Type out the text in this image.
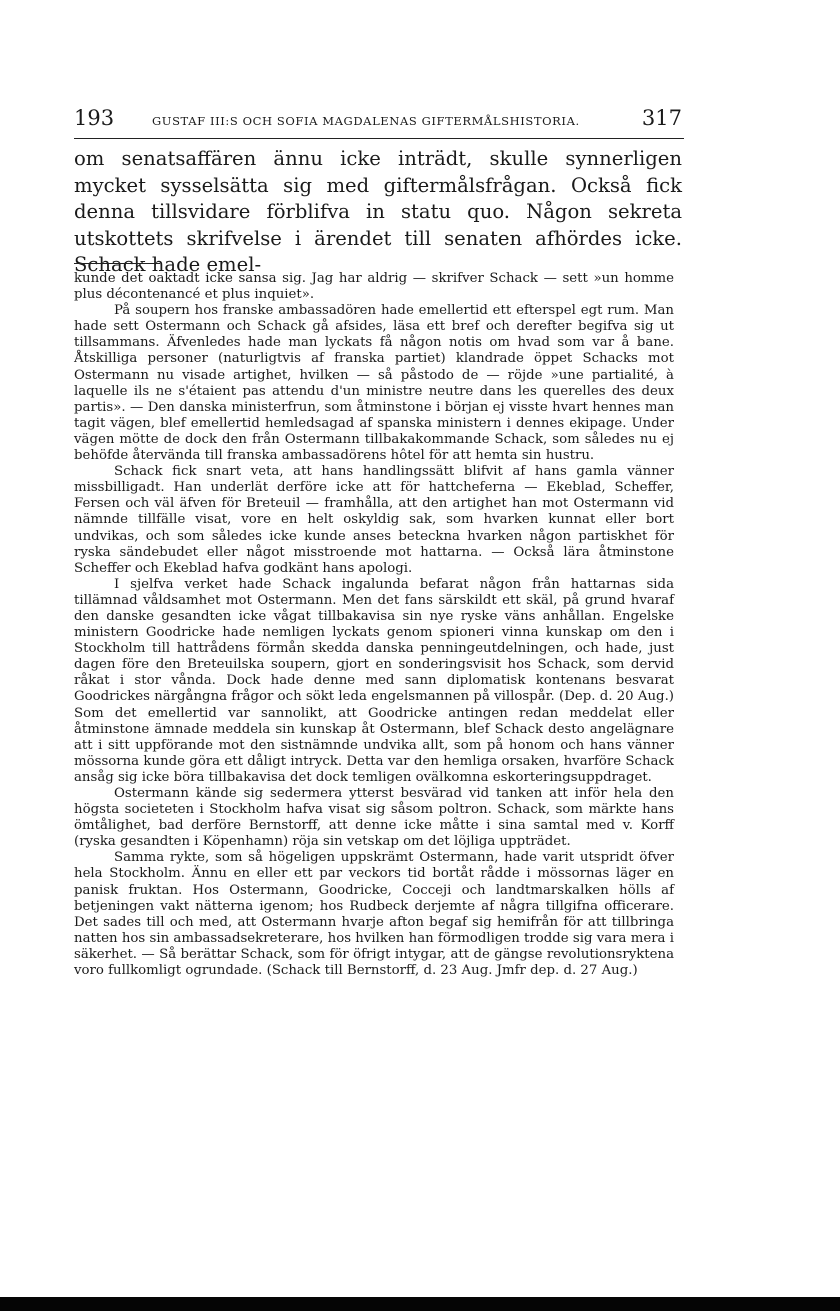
193	GUSTAF III:S OCH SOFIA MAGDALENAS GIFTERMÅLSHISTORIA.	317
om senatsaffären ännu icke inträdt, skulle synnerligen mycket sysselsätta sig med giftermålsfrågan. Också fick denna tillsvidare förblifva in statu quo. Någon sekreta utskottets skrifvelse i ärendet till senaten afhördes icke. Schack hade emel-

kunde det oaktadt icke sansa sig. Jag har aldrig — skrifver Schack — sett »un homme plus décontenancé et plus inquiet».

På soupern hos franske ambassadören hade emellertid ett efterspel egt rum. Man hade sett Ostermann och Schack gå afsides, läsa ett bref och derefter begifva sig ut tillsammans. Äfvenledes hade man lyckats få någon notis om hvad som var å bane. Åtskilliga personer (naturligtvis af franska partiet) klandrade öppet Schacks mot Ostermann nu visade artighet, hvilken — så påstodo de — röjde »une partialité, à laquelle ils ne s'étaient pas attendu d'un ministre neutre dans les querelles des deux partis». — Den danska ministerfrun, som åtminstone i början ej visste hvart hennes man tagit vägen, blef emellertid hemledsagad af spanska ministern i dennes ekipage. Under vägen mötte de dock den från Ostermann tillbakakommande Schack, som således nu ej behöfde återvända till franska ambassadörens hôtel för att hemta sin hustru.

Schack fick snart veta, att hans handlingssätt blifvit af hans gamla vänner missbilligadt. Han underlät derföre icke att för hattcheferna — Ekeblad, Scheffer, Fersen och väl äfven för Breteuil — framhålla, att den artighet han mot Ostermann vid nämnde tillfälle visat, vore en helt oskyldig sak, som hvarken kunnat eller bort undvikas, och som således icke kunde anses beteckna hvarken någon partiskhet för ryska sändebudet eller något misstroende mot hattarna. — Också lära åtminstone Scheffer och Ekeblad hafva godkänt hans apologi.

I sjelfva verket hade Schack ingalunda befarat någon från hattarnas sida tillämnad våldsamhet mot Ostermann. Men det fans särskildt ett skäl, på grund hvaraf den danske gesandten icke vågat tillbakavisa sin nye ryske väns anhållan. Engelske ministern Goodricke hade nemligen lyckats genom spioneri vinna kunskap om den i Stockholm till hattrådens förmån skedda danska penningeutdelningen, och hade, just dagen före den Breteuilska soupern, gjort en sonderingsvisit hos Schack, som dervid råkat i stor vånda. Dock hade denne med sann diplomatisk kontenans besvarat Goodrickes närgångna frågor och sökt leda engelsmannen på villospår. (Dep. d. 20 Aug.) Som det emellertid var sannolikt, att Goodricke antingen redan meddelat eller åtminstone ämnade meddela sin kunskap åt Ostermann, blef Schack desto angelägnare att i sitt uppförande mot den sistnämnde undvika allt, som på honom och hans vänner mössorna kunde göra ett dåligt intryck. Detta var den hemliga orsaken, hvarföre Schack ansåg sig icke böra tillbakavisa det dock temligen ovälkomna eskorteringsuppdraget.

Ostermann kände sig sedermera ytterst besvärad vid tanken att inför hela den högsta societeten i Stockholm hafva visat sig såsom poltron. Schack, som märkte hans ömtålighet, bad derföre Bernstorff, att denne icke måtte i sina samtal med v. Korff (ryska gesandten i Köpenhamn) röja sin vetskap om det löjliga uppträdet.

Samma rykte, som så högeligen uppskrämt Ostermann, hade varit utspridt öfver hela Stockholm. Ännu en eller ett par veckors tid bortåt rådde i mössornas läger en panisk fruktan. Hos Ostermann, Goodricke, Cocceji och landtmarskalken hölls af betjeningen vakt nätterna igenom; hos Rudbeck derjemte af några tillgifna officerare. Det sades till och med, att Ostermann hvarje afton begaf sig hemifrån för att tillbringa natten hos sin ambassadsekreterare, hos hvilken han förmodligen trodde sig vara mera i säkerhet. — Så berättar Schack, som för öfrigt intygar, att de gängse revolutionsryktena voro fullkomligt ogrundade. (Schack till Bernstorff, d. 23 Aug. Jmfr dep. d. 27 Aug.)
